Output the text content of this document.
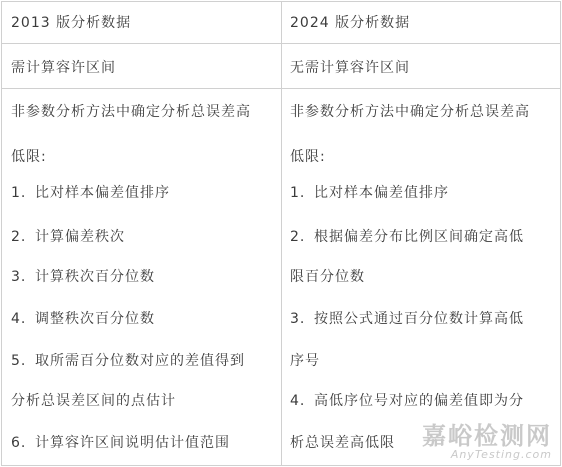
2013 版分析数据	2024 版分析数据
需计算容许区间	无需计算容许区间
非参数分析方法中确定分析总误差高
低限:
1. 比对样本偏差值排序
2. 计算偏差秩次
3. 计算秩次百分位数
4. 调整秩次百分位数
5. 取所需百分位数对应的差值得到
分析总误差区间的点估计
6. 计算容许区间说明估计值范围
非参数分析方法中确定分析总误差高
低限:
1. 比对样本偏差值排序
2. 根据偏差分布比例区间确定高低
限百分位数
3. 按照公式通过百分位数计算高低
序号
4. 高低序位号对应的偏差值即为分
析总误差高低限 嘉峪检测网
AnyTesting.com
